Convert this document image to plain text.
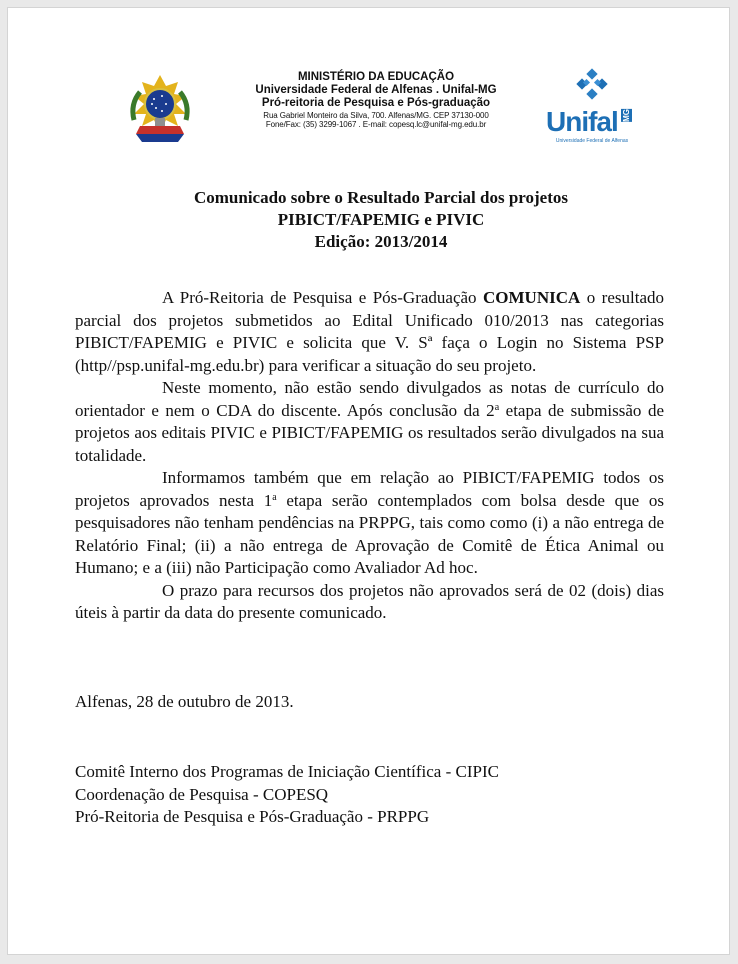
MINISTÉRIO DA EDUCAÇÃO
Universidade Federal de Alfenas . Unifal-MG
Pró-reitoria de Pesquisa e Pós-graduação
Rua Gabriel Monteiro da Silva, 700. Alfenas/MG. CEP 37130-000
Fone/Fax: (35) 3299-1067 . E-mail: copesq.lc@unifal-mg.edu.br	Unifal MG
Universidade Federal de Alfenas
Comunicado sobre o Resultado Parcial dos projetos
PIBICT/FAPEMIG e PIVIC
Edição: 2013/2014

A Pró-Reitoria de Pesquisa e Pós-Graduação COMUNICA o resultado parcial dos projetos submetidos ao Edital Unificado 010/2013 nas categorias PIBICT/FAPEMIG e PIVIC e solicita que V. Sª faça o Login no Sistema PSP (http//psp.unifal-mg.edu.br) para verificar a situação do seu projeto.

Neste momento, não estão sendo divulgados as notas de currículo do orientador e nem o CDA do discente. Após conclusão da 2$^a$ etapa de submissão de projetos aos editais PIVIC e PIBICT/FAPEMIG os resultados serão divulgados na sua totalidade.

Informamos também que em relação ao PIBICT/FAPEMIG todos os projetos aprovados nesta 1$^a$ etapa serão contemplados com bolsa desde que os pesquisadores não tenham pendências na PRPPG, tais como como (i) a não entrega de Relatório Final; (ii) a não entrega de Aprovação de Comitê de Ética Animal ou Humano; e a (iii) não Participação como Avaliador Ad hoc.

O prazo para recursos dos projetos não aprovados será de 02 (dois) dias úteis à partir da data do presente comunicado.

Alfenas, 28 de outubro de 2013.
Comitê Interno dos Programas de Iniciação Científica - CIPIC
Coordenação de Pesquisa - COPESQ
Pró-Reitoria de Pesquisa e Pós-Graduação - PRPPG
